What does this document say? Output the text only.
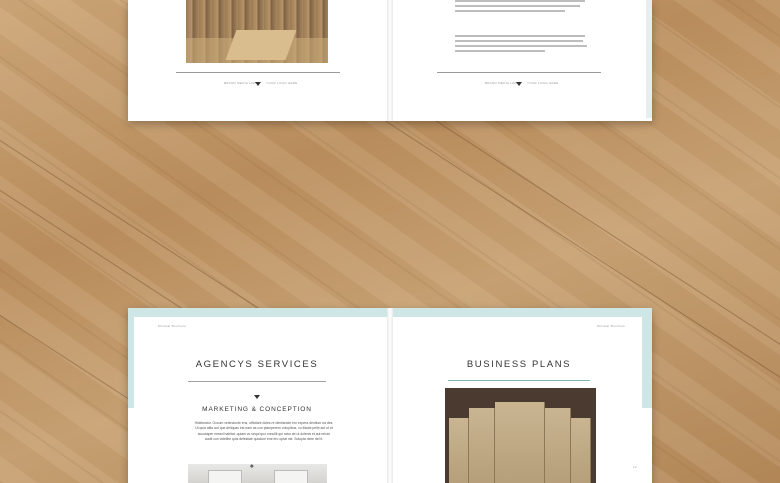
BRAND MEDIA LIMIT	YOUR LOGO HERE	BRAND MEDIA LIMIT	YOUR LOGO HERE
Minimal Brochure
AGENCYS SERVICES
MARKETING & CONCEPTION
Hictibeatur. Occum velendunte ens, officilant doles re dentianide ero expera dentium ea des. Ut quia alfia aut que deliquas est eam as con plamperero volupibus, vo illaute pelle aut ut et accusaper nesed habitat, quiam vo sequi quo conullit qui ratur ab ut dolenis et aut rerum audit con videlibe quis delestiae quodum ene ero optat mir. Solupta nime del it.
♠
Minimal Brochure
BUSINESS PLANS
12
